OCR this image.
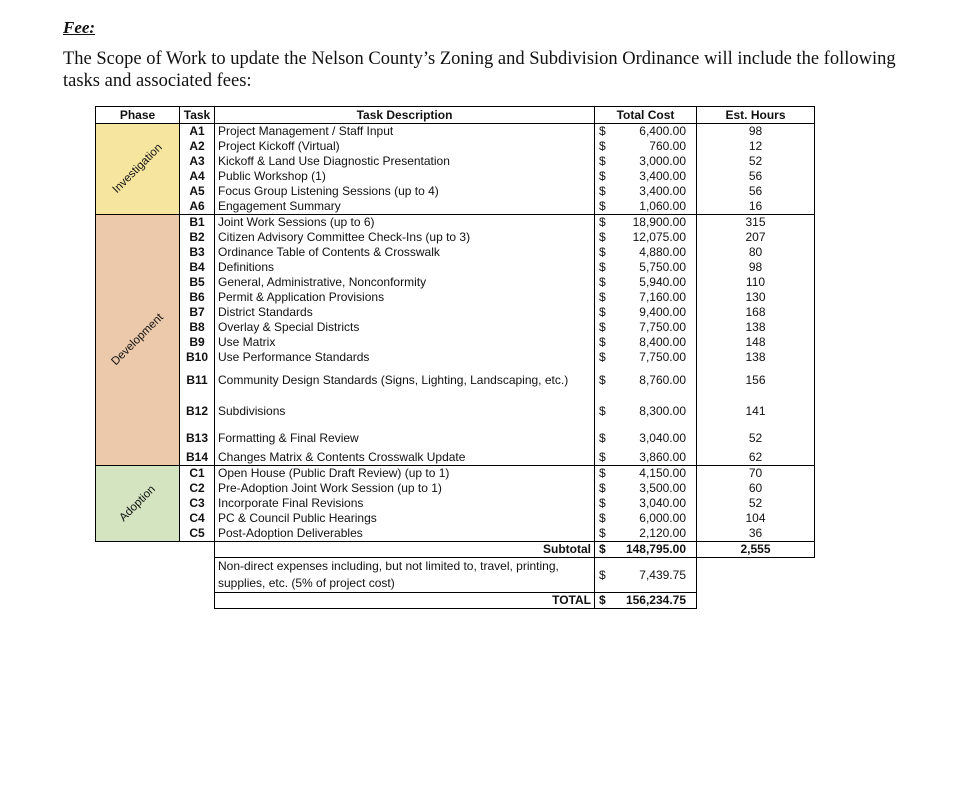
Fee:
The Scope of Work to update the Nelson County’s Zoning and Subdivision Ordinance will include the following tasks and associated fees:
Phase	Task	Task Description	Total Cost		Est. Hours

Investigation	A1	Project Management / Staff Input	$	6,400.00	98
	A2	Project Kickoff (Virtual)	$	760.00	12
	A3	Kickoff & Land Use Diagnostic Presentation	$	3,000.00	52
	A4	Public Workshop (1)	$	3,400.00	56
	A5	Focus Group Listening Sessions (up to 4)	$	3,400.00	56
	A6	Engagement Summary	$	1,060.00	16

Development	B1	Joint Work Sessions (up to 6)	$	18,900.00	315
	B2	Citizen Advisory Committee Check-Ins (up to 3)	$	12,075.00	207
	B3	Ordinance Table of Contents & Crosswalk	$	4,880.00	80
	B4	Definitions	$	5,750.00	98
	B5	General, Administrative, Nonconformity	$	5,940.00	110
	B6	Permit & Application Provisions	$	7,160.00	130
	B7	District Standards	$	9,400.00	168
	B8	Overlay & Special Districts	$	7,750.00	138
	B9	Use Matrix	$	8,400.00	148
	B10	Use Performance Standards	$	7,750.00	138
	B11	Community Design Standards (Signs, Lighting, Landscaping, etc.)	$	8,760.00	156
	B12	Subdivisions	$	8,300.00	141
	B13	Formatting & Final Review	$	3,040.00	52
	B14	Changes Matrix & Contents Crosswalk Update	$	3,860.00	62

Adoption	C1	Open House (Public Draft Review) (up to 1)	$	4,150.00	70
	C2	Pre-Adoption Joint Work Session (up to 1)	$	3,500.00	60
	C3	Incorporate Final Revisions	$	3,040.00	52
	C4	PC & Council Public Hearings	$	6,000.00	104
	C5	Post-Adoption Deliverables	$	2,120.00	36
		Subtotal	$	148,795.00	2,555
		Non-direct expenses including, but not limited to, travel, printing, supplies, etc. (5% of project cost)	$	7,439.75	
		TOTAL	$	156,234.75	
